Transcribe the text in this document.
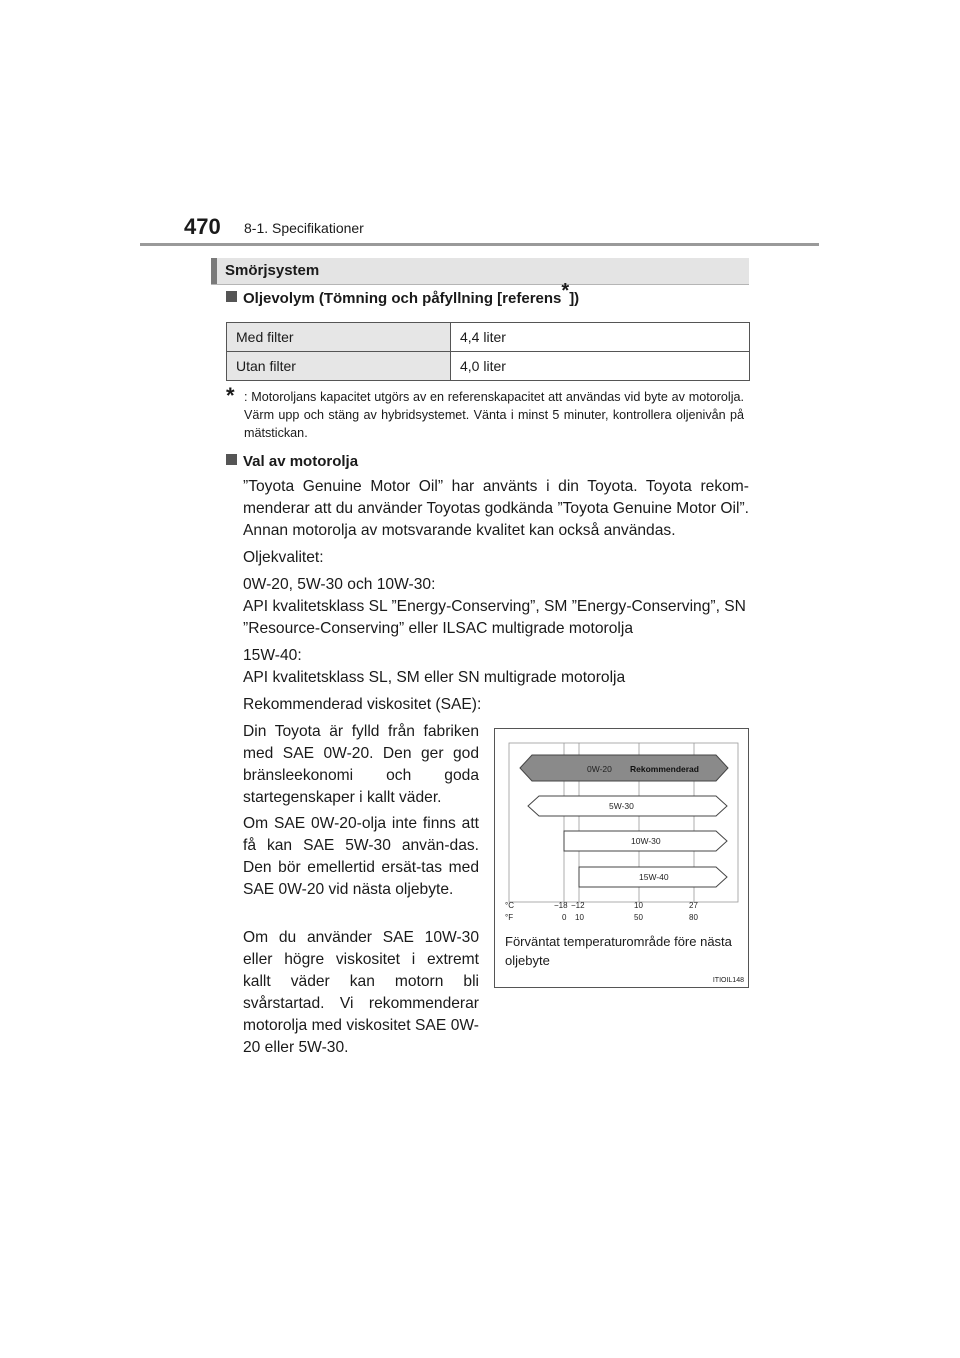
470 8-1. Specifikationer
Smörjsystem
Oljevolym (Tömning och påfyllning [referens*])
Med filter	4,4 liter
Utan filter	4,0 liter
* : Motoroljans kapacitet utgörs av en referenskapacitet att användas vid byte av motorolja. Värm upp och stäng av hybridsystemet. Vänta i minst 5 minuter, kontrollera oljenivån på mätstickan.
Val av motorolja
”Toyota Genuine Motor Oil” har använts i din Toyota. Toyota rekom-menderar att du använder Toyotas godkända ”Toyota Genuine Motor Oil”. Annan motorolja av motsvarande kvalitet kan också användas.
Oljekvalitet:
0W-20, 5W-30 och 10W-30:
API kvalitetsklass SL ”Energy-Conserving”, SM ”Energy-Conserving”, SN ”Resource-Conserving” eller ILSAC multigrade motorolja
15W-40:
API kvalitetsklass SL, SM eller SN multigrade motorolja
Rekommenderad viskositet (SAE):
Din Toyota är fylld från fabriken med SAE 0W-20. Den ger god bränsleekonomi och goda startegenskaper i kallt väder.
Om SAE 0W-20-olja inte finns att få kan SAE 5W-30 använ-das. Den bör emellertid ersät-tas med SAE 0W-20 vid nästa oljebyte.
Om du använder SAE 10W-30 eller högre viskositet i extremt kallt väder kan motorn bli svårstartad. Vi rekommenderar motorolja med viskositet SAE 0W-20 eller 5W-30.
0W-20 Rekommenderad
5W-30
10W-30
15W-40
°C
°F
−18 −12	10	27
0 10	50	80
Förväntat temperaturområde före nästa oljebyte
ITIOIL148
